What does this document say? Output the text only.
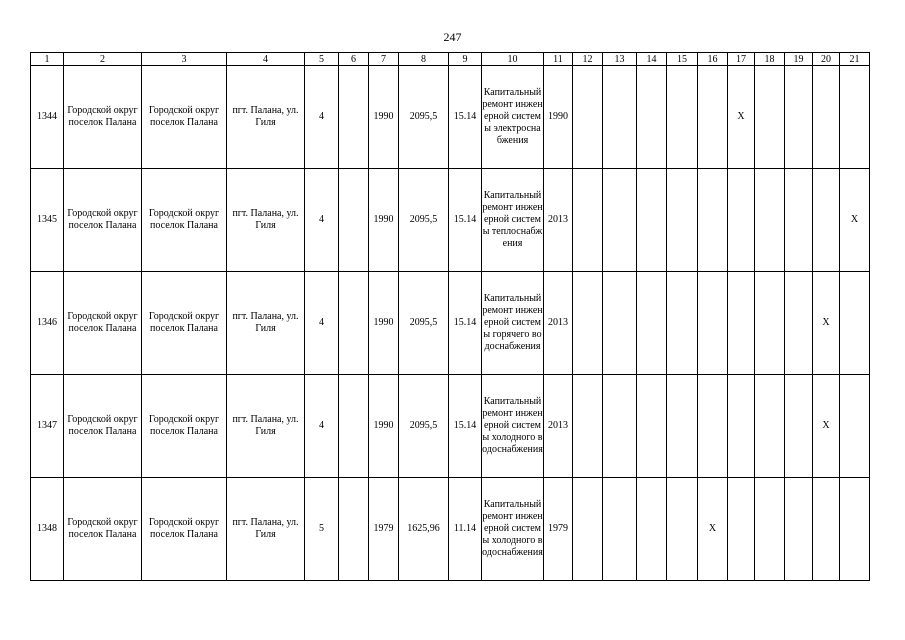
247
1	2	3	4	5	6	7	8	9	10	11	12	13	14	15	16	17	18	19	20	21
1344	Городской округ поселок Палана	Городской округ поселок Палана	пгт. Палана, ул. Гиля	4		1990	2095,5	15.14	Капитальный ремонт инженерной системы электроснабжения	1990						X				
1345	Городской округ поселок Палана	Городской округ поселок Палана	пгт. Палана, ул. Гиля	4		1990	2095,5	15.14	Капитальный ремонт инженерной системы теплоснабжения	2013										X
1346	Городской округ поселок Палана	Городской округ поселок Палана	пгт. Палана, ул. Гиля	4		1990	2095,5	15.14	Капитальный ремонт инженерной системы горячего водоснабжения	2013									X	
1347	Городской округ поселок Палана	Городской округ поселок Палана	пгт. Палана, ул. Гиля	4		1990	2095,5	15.14	Капитальный ремонт инженерной системы холодного водоснабжения	2013									X	
1348	Городской округ поселок Палана	Городской округ поселок Палана	пгт. Палана, ул. Гиля	5		1979	1625,96	11.14	Капитальный ремонт инженерной системы холодного водоснабжения	1979					X					
